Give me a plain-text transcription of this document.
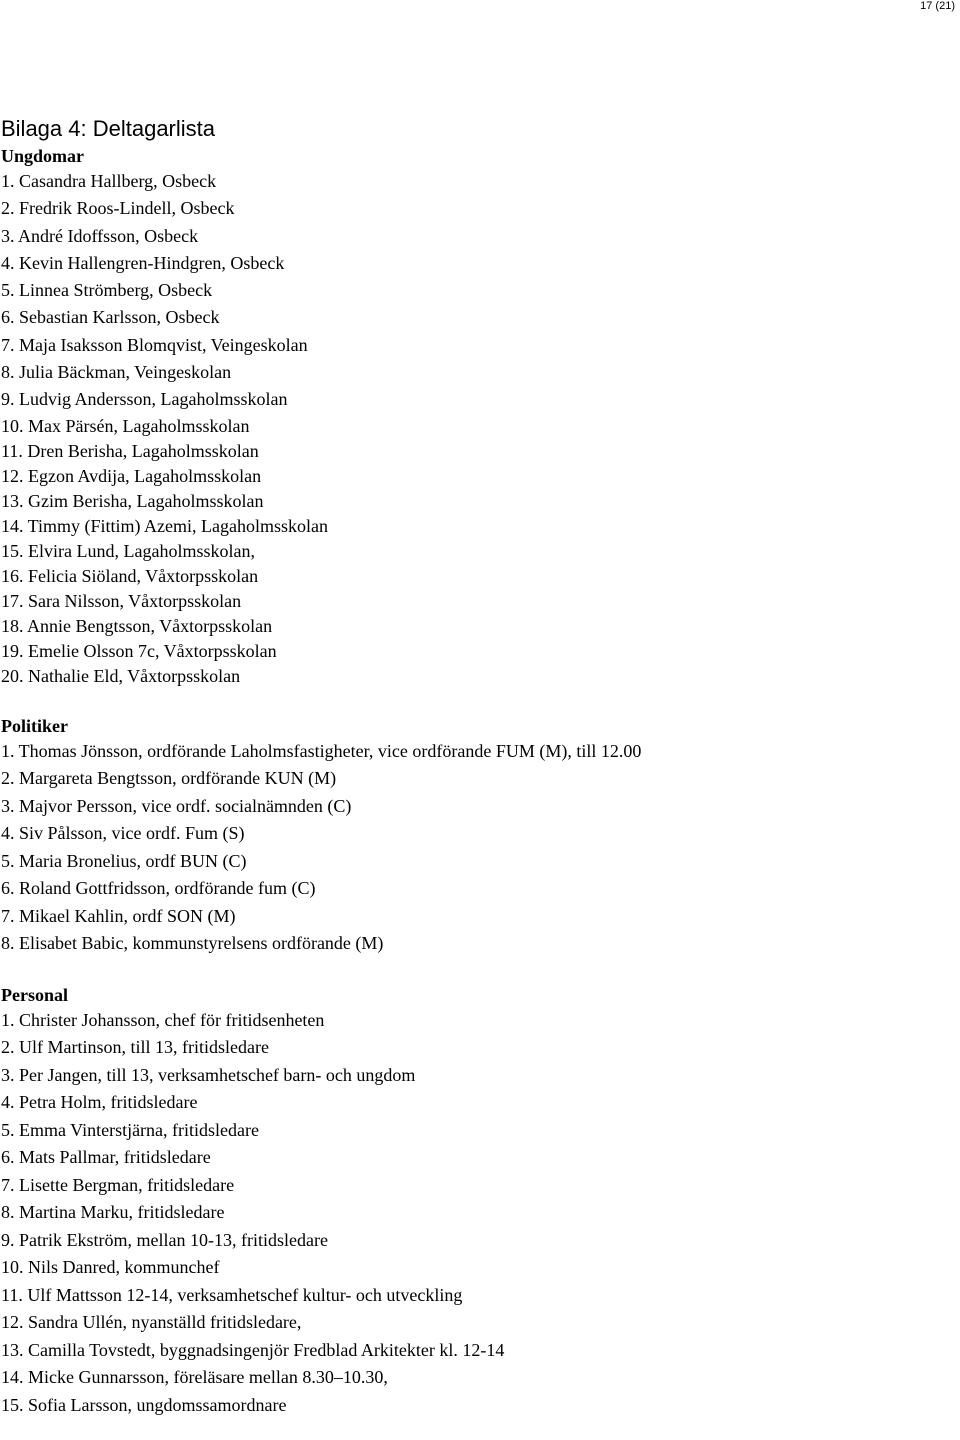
17 (21)
Bilaga 4: Deltagarlista
Ungdomar
1. Casandra Hallberg, Osbeck
2. Fredrik Roos-Lindell, Osbeck
3. André Idoffsson, Osbeck
4. Kevin Hallengren-Hindgren, Osbeck
5. Linnea Strömberg, Osbeck
6. Sebastian Karlsson, Osbeck
7. Maja Isaksson Blomqvist, Veingeskolan
8. Julia Bäckman, Veingeskolan
9. Ludvig Andersson, Lagaholmsskolan
10. Max Pärsén, Lagaholmsskolan
11. Dren Berisha, Lagaholmsskolan
12. Egzon Avdija, Lagaholmsskolan
13. Gzim Berisha, Lagaholmsskolan
14. Timmy (Fittim) Azemi, Lagaholmsskolan
15. Elvira Lund, Lagaholmsskolan,
16. Felicia Siöland, Våxtorpsskolan
17. Sara Nilsson, Våxtorpsskolan
18. Annie Bengtsson, Våxtorpsskolan
19. Emelie Olsson 7c, Våxtorpsskolan
20. Nathalie Eld, Våxtorpsskolan
Politiker
1. Thomas Jönsson, ordförande Laholmsfastigheter, vice ordförande FUM (M), till 12.00
2. Margareta Bengtsson, ordförande KUN (M)
3. Majvor Persson, vice ordf. socialnämnden (C)
4. Siv Pålsson, vice ordf. Fum (S)
5. Maria Bronelius, ordf BUN (C)
6. Roland Gottfridsson, ordförande fum (C)
7. Mikael Kahlin, ordf SON (M)
8. Elisabet Babic, kommunstyrelsens ordförande (M)
Personal
1. Christer Johansson, chef för fritidsenheten
2. Ulf Martinson, till 13, fritidsledare
3. Per Jangen, till 13, verksamhetschef barn- och ungdom
4. Petra Holm, fritidsledare
5. Emma Vinterstjärna, fritidsledare
6. Mats Pallmar, fritidsledare
7. Lisette Bergman, fritidsledare
8. Martina Marku, fritidsledare
9. Patrik Ekström, mellan 10-13, fritidsledare
10. Nils Danred, kommunchef
11. Ulf Mattsson 12-14, verksamhetschef kultur- och utveckling
12. Sandra Ullén, nyanställd fritidsledare,
13. Camilla Tovstedt, byggnadsingenjör Fredblad Arkitekter kl. 12-14
14. Micke Gunnarsson, föreläsare mellan 8.30–10.30,
15. Sofia Larsson, ungdomssamordnare
